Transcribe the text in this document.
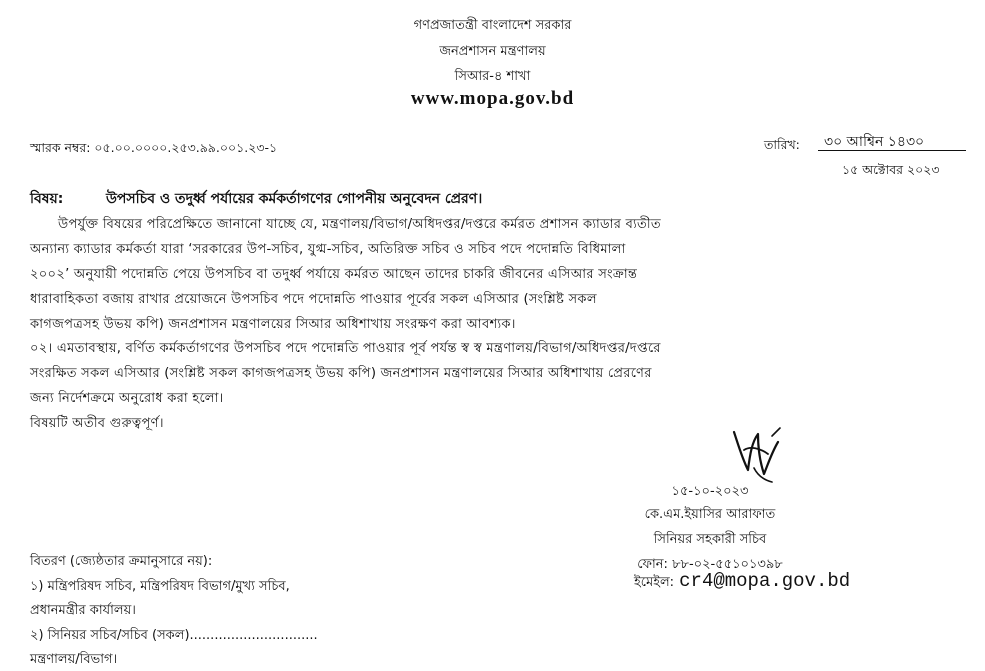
গণপ্রজাতন্ত্রী বাংলাদেশ সরকার
জনপ্রশাসন মন্ত্রণালয়
সিআর-৪ শাখা
www.mopa.gov.bd
স্মারক নম্বর: ০৫.০০.০০০০.২৫৩.৯৯.০০১.২৩-১	তারিখ: ৩০ আশ্বিন ১৪৩০
১৫ অক্টোবর ২০২৩
বিষয়:	উপসচিব ও তদুর্ধ্ব পর্যায়ের কর্মকর্তাগণের গোপনীয় অনুবেদন প্রেরণ।
উপর্যুক্ত বিষয়ের পরিপ্রেক্ষিতে জানানো যাচ্ছে যে, মন্ত্রণালয়/বিভাগ/অধিদপ্তর/দপ্তরে কর্মরত প্রশাসন ক্যাডার ব্যতীত
অন্যান্য ক্যাডার কর্মকর্তা যারা ‘সরকারের উপ-সচিব, যুগ্ম-সচিব, অতিরিক্ত সচিব ও সচিব পদে পদোন্নতি বিধিমালা
২০০২’ অনুযায়ী পদোন্নতি পেয়ে উপসচিব বা তদুর্ধ্ব পর্যায়ে কর্মরত আছেন তাদের চাকরি জীবনের এসিআর সংক্রান্ত
ধারাবাহিকতা বজায় রাখার প্রয়োজনে উপসচিব পদে পদোন্নতি পাওয়ার পূর্বের সকল এসিআর (সংশ্লিষ্ট সকল
কাগজপত্রসহ উভয় কপি) জনপ্রশাসন মন্ত্রণালয়ের সিআর অধিশাখায় সংরক্ষণ করা আবশ্যক।
০২। এমতাবস্থায়, বর্ণিত কর্মকর্তাগণের উপসচিব পদে পদোন্নতি পাওয়ার পূর্ব পর্যন্ত স্ব স্ব মন্ত্রণালয়/বিভাগ/অধিদপ্তর/দপ্তরে
সংরক্ষিত সকল এসিআর (সংশ্লিষ্ট সকল কাগজপত্রসহ উভয় কপি) জনপ্রশাসন মন্ত্রণালয়ের সিআর অধিশাখায় প্রেরণের
জন্য নির্দেশক্রমে অনুরোধ করা হলো।
বিষয়টি অতীব গুরুত্বপূর্ণ।
১৫-১০-২০২৩
কে.এম.ইয়াসির আরাফাত
সিনিয়র সহকারী সচিব
ফোন: ৮৮-০২-৫৫১০১৩৯৮
ইমেইল: cr4@mopa.gov.bd
বিতরণ (জ্যেষ্ঠতার ক্রমানুসারে নয়):
১) মন্ত্রিপরিষদ সচিব, মন্ত্রিপরিষদ বিভাগ/মুখ্য সচিব,
প্রধানমন্ত্রীর কার্যালয়।
২) সিনিয়র সচিব/সচিব (সকল)...............................
মন্ত্রণালয়/বিভাগ।
